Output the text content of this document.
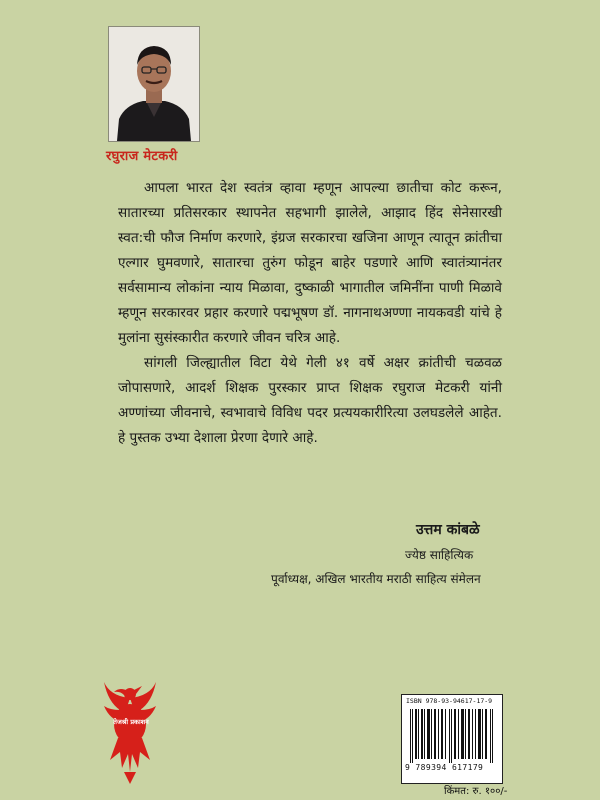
रघुराज मेटकरी

आपला भारत देश स्वतंत्र व्हावा म्हणून आपल्या छातीचा कोट करून, सातारच्या प्रतिसरकार स्थापनेत सहभागी झालेले, आझाद हिंद सेनेसारखी स्वत:ची फौज निर्माण करणारे, इंग्रज सरकारचा खजिना आणून त्यातून क्रांतीचा एल्गार घुमवणारे, सातारचा तुरुंग फोडून बाहेर पडणारे आणि स्वातंत्र्यानंतर सर्वसामान्य लोकांना न्याय मिळावा, दुष्काळी भागातील जमिनींना पाणी मिळावे म्हणून सरकारवर प्रहार करणारे पद्मभूषण डॉ. नागनाथअण्णा नायकवडी यांचे हे मुलांना सुसंस्कारीत करणारे जीवन चरित्र आहे.

सांगली जिल्ह्यातील विटा येथे गेली ४१ वर्षे अक्षर क्रांतीची चळवळ जोपासणारे, आदर्श शिक्षक पुरस्कार प्राप्त शिक्षक रघुराज मेटकरी यांनी अण्णांच्या जीवनाचे, स्वभावाचे विविध पदर प्रत्ययकारीरित्या उलघडलेले आहेत. हे पुस्तक उभ्या देशाला प्रेरणा देणारे आहे.

उत्तम कांबळे
ज्येष्ठ साहित्यिक
पूर्वाध्यक्ष, अखिल भारतीय मराठी साहित्य संमेलन
तेजश्री प्रकाशन
ISBN 978-93-94617-17-9
9 789394 617179
किंमत: रु. १००/-
